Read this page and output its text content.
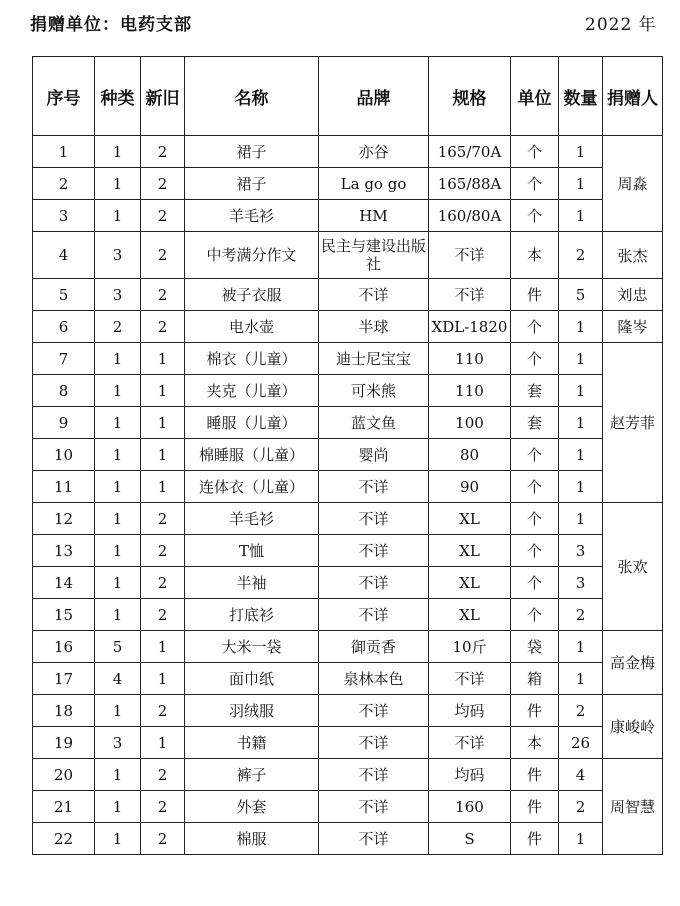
捐赠单位：电药支部	2022 年
序号	种类	新旧	名称	品牌	规格	单位	数量	捐赠人
1	1	2	裙子	亦谷	165/70A	个	1	周淼
2	1	2	裙子	La go go	165/88A	个	1	
3	1	2	羊毛衫	HM	160/80A	个	1	
4	3	2	中考满分作文	民主与建设出版社	不详	本	2	张杰
5	3	2	被子衣服	不详	不详	件	5	刘忠
6	2	2	电水壶	半球	XDL-1820	个	1	隆岑
7	1	1	棉衣（儿童）	迪士尼宝宝	110	个	1	赵芳菲
8	1	1	夹克（儿童）	可米熊	110	套	1	
9	1	1	睡服（儿童）	蓝文鱼	100	套	1	
10	1	1	棉睡服（儿童）	婴尚	80	个	1	
11	1	1	连体衣（儿童）	不详	90	个	1	
12	1	2	羊毛衫	不详	XL	个	1	张欢
13	1	2	T恤	不详	XL	个	3	
14	1	2	半袖	不详	XL	个	3	
15	1	2	打底衫	不详	XL	个	2	
16	5	1	大米一袋	御贡香	10斤	袋	1	高金梅
17	4	1	面巾纸	泉林本色	不详	箱	1	
18	1	2	羽绒服	不详	均码	件	2	康峻岭
19	3	1	书籍	不详	不详	本	26	
20	1	2	裤子	不详	均码	件	4	周智慧
21	1	2	外套	不详	160	件	2	
22	1	2	棉服	不详	S	件	1	
